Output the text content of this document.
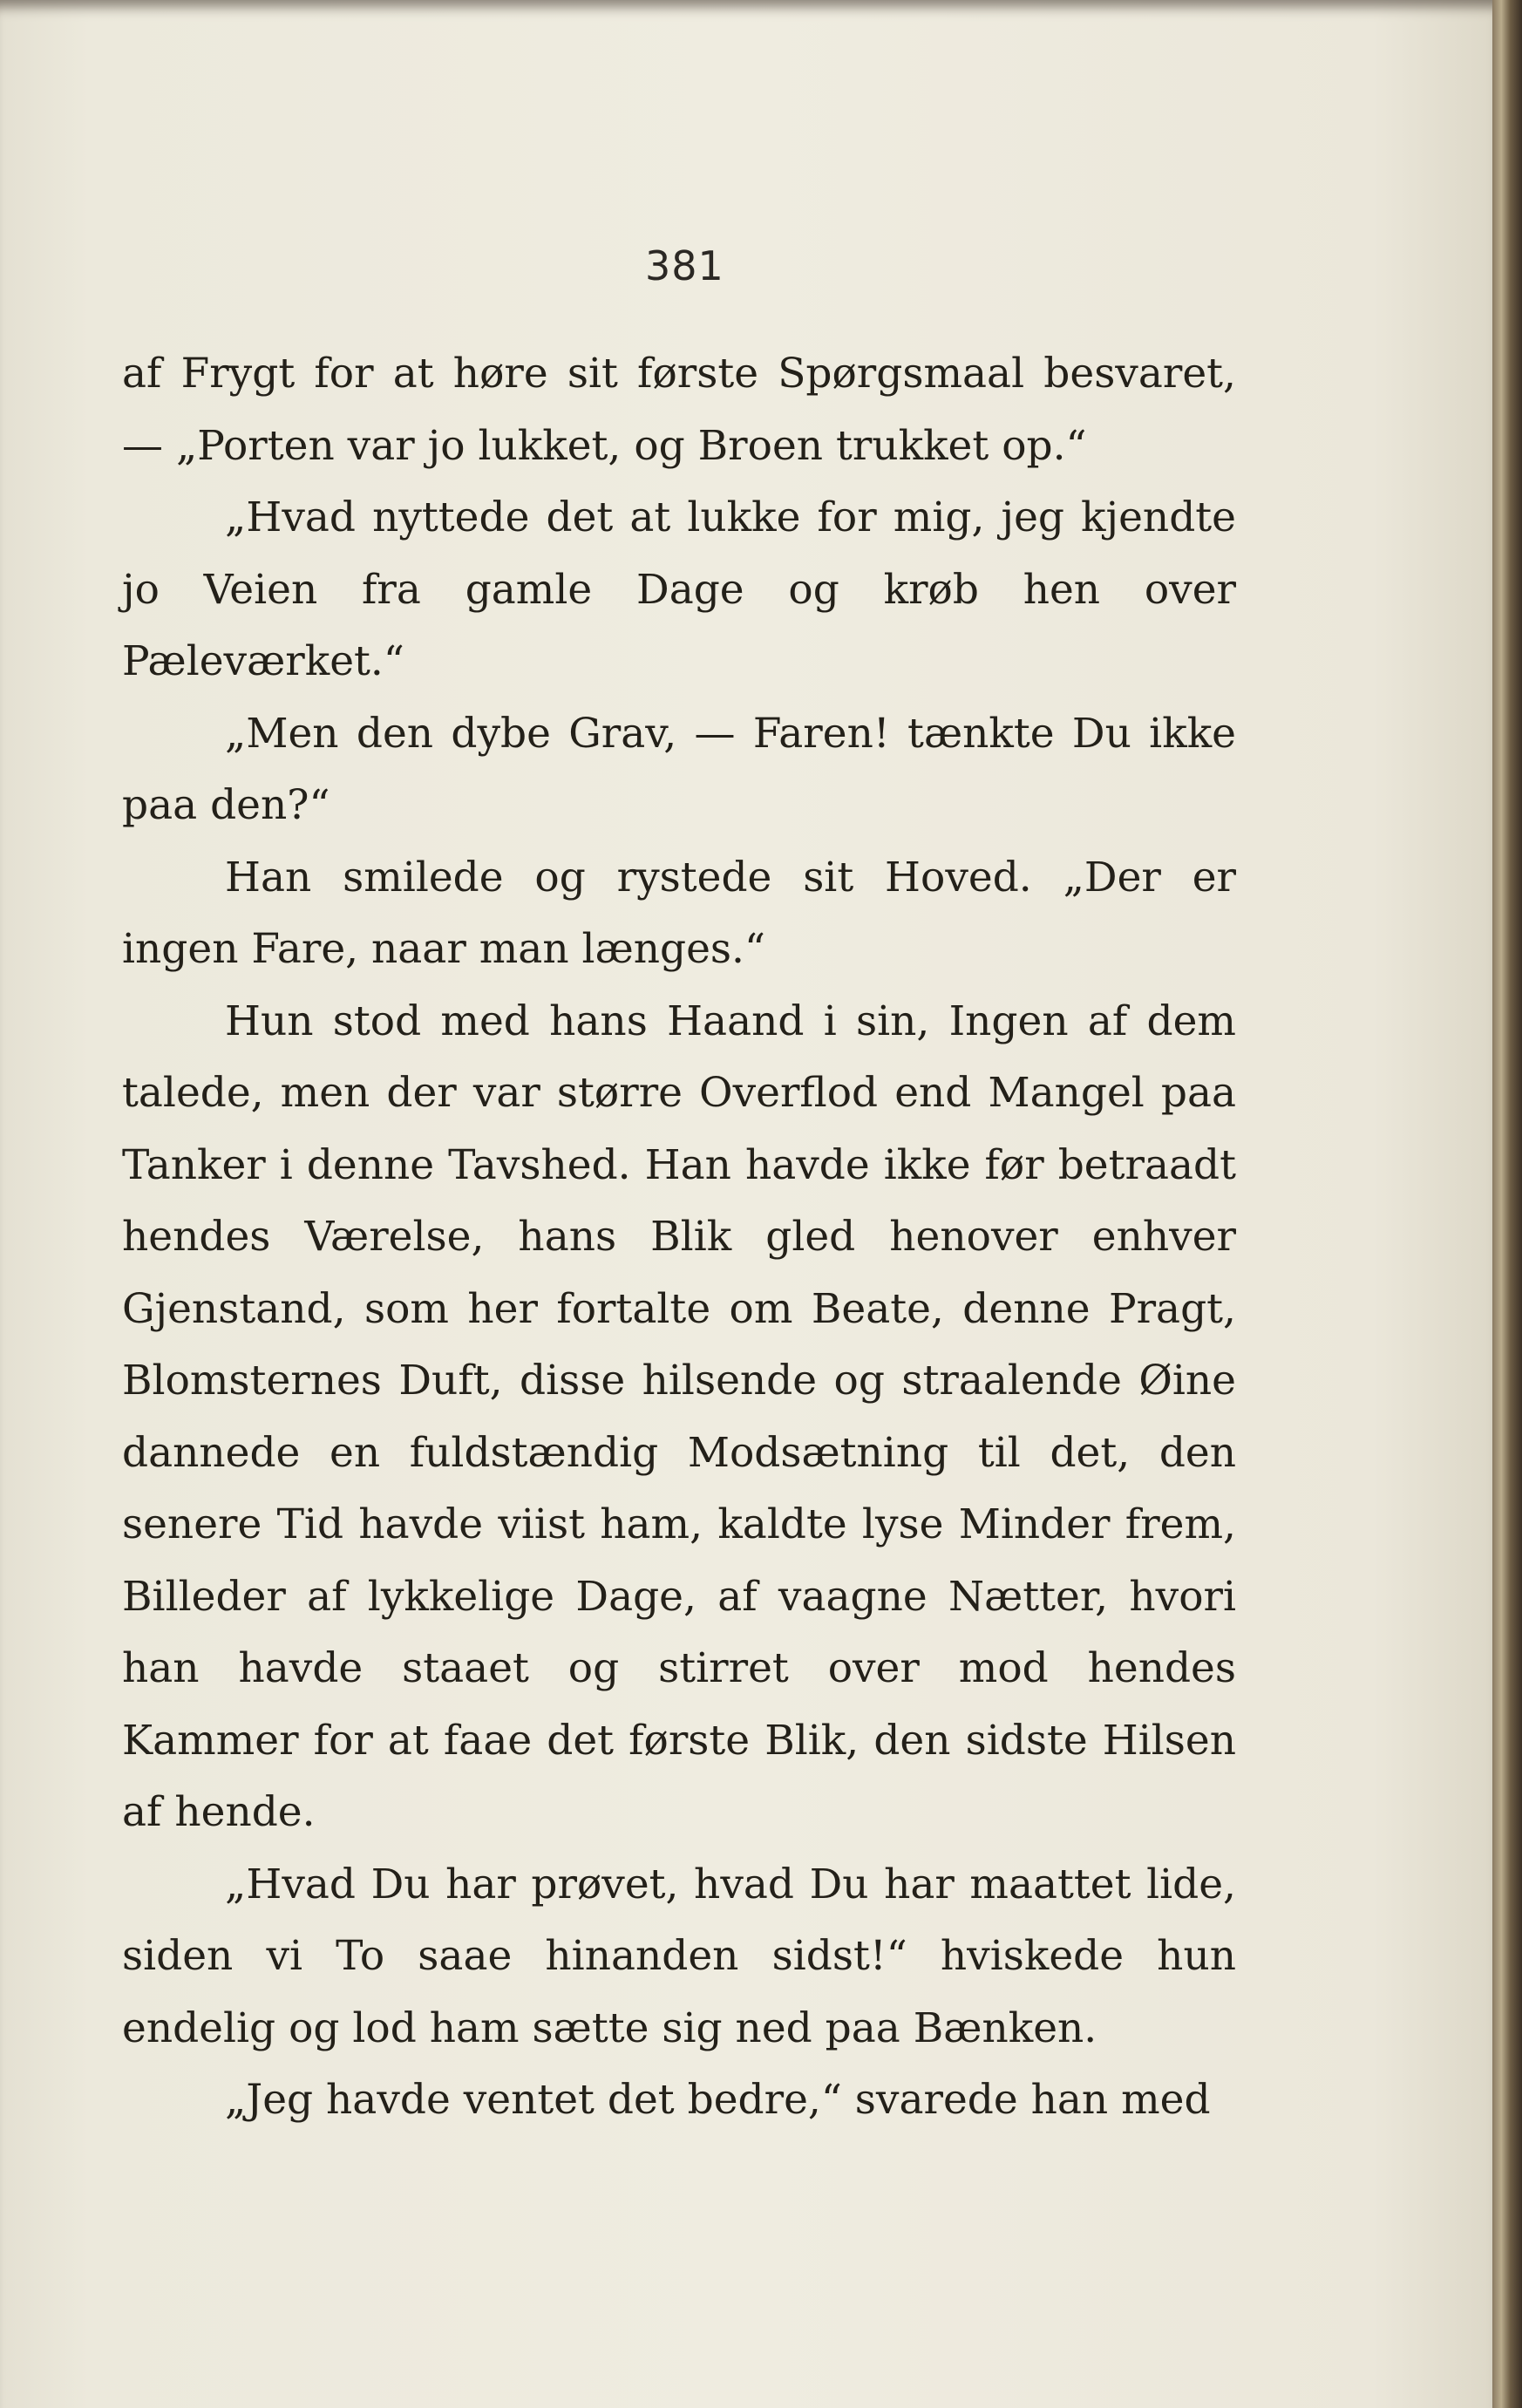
381

af Frygt for at høre sit første Spørgsmaal besvaret, — „Porten var jo lukket, og Broen trukket op.“

„Hvad nyttede det at lukke for mig, jeg kjendte jo Veien fra gamle Dage og krøb hen over Pæleværket.“

„Men den dybe Grav, — Faren! tænkte Du ikke paa den?“

Han smilede og rystede sit Hoved. „Der er ingen Fare, naar man længes.“

Hun stod med hans Haand i sin, Ingen af dem talede, men der var større Overflod end Mangel paa Tanker i denne Tavshed. Han havde ikke før betraadt hendes Værelse, hans Blik gled henover enhver Gjenstand, som her fortalte om Beate, denne Pragt, Blomsternes Duft, disse hilsende og straalende Øine dannede en fuldstændig Modsætning til det, den senere Tid havde viist ham, kaldte lyse Minder frem, Billeder af lykkelige Dage, af vaagne Nætter, hvori han havde staaet og stirret over mod hendes Kammer for at faae det første Blik, den sidste Hilsen af hende.

„Hvad Du har prøvet, hvad Du har maattet lide, siden vi To saae hinanden sidst!“ hviskede hun endelig og lod ham sætte sig ned paa Bænken.

„Jeg havde ventet det bedre,“ svarede han med
